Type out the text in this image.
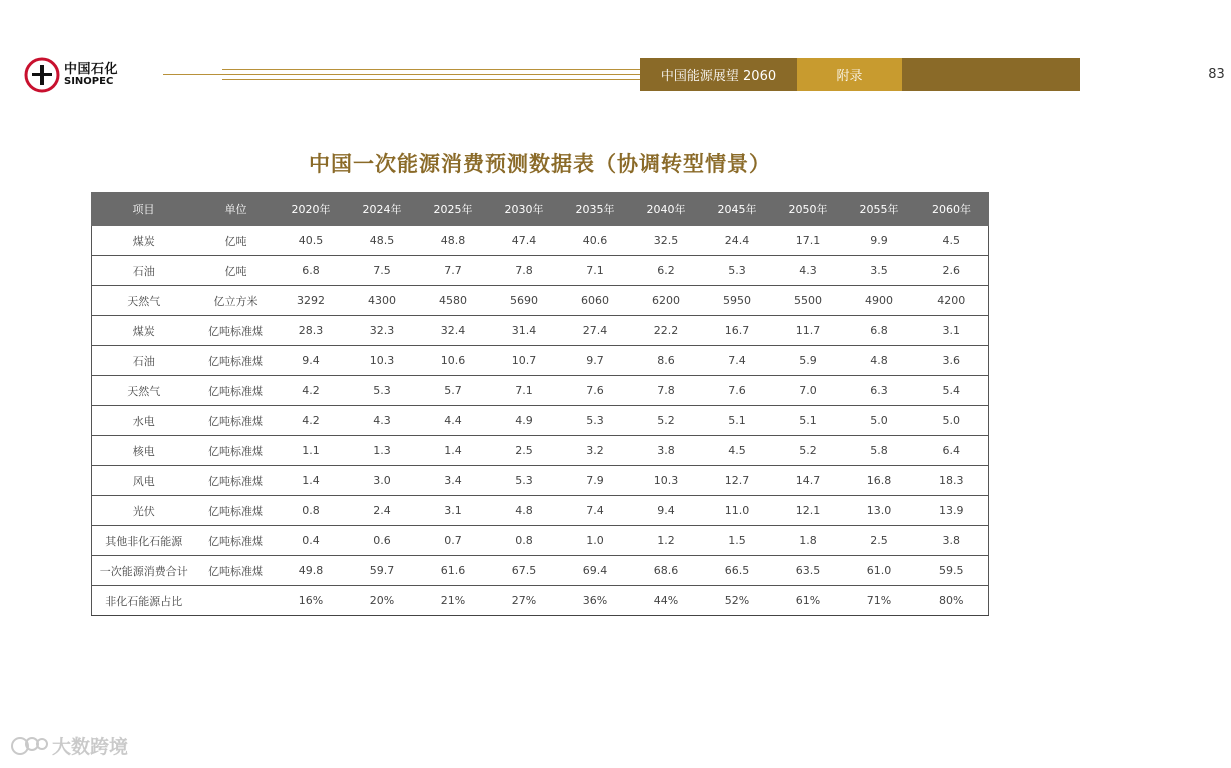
中国石化
SINOPEC	中国能源展望 2060	附录	83
中国一次能源消费预测数据表（协调转型情景）
项目	单位	2020年	2024年	2025年	2030年	2035年	2040年	2045年	2050年	2055年	2060年
煤炭	亿吨	40.5	48.5	48.8	47.4	40.6	32.5	24.4	17.1	9.9	4.5
石油	亿吨	6.8	7.5	7.7	7.8	7.1	6.2	5.3	4.3	3.5	2.6
天然气	亿立方米	3292	4300	4580	5690	6060	6200	5950	5500	4900	4200
煤炭	亿吨标准煤	28.3	32.3	32.4	31.4	27.4	22.2	16.7	11.7	6.8	3.1
石油	亿吨标准煤	9.4	10.3	10.6	10.7	9.7	8.6	7.4	5.9	4.8	3.6
天然气	亿吨标准煤	4.2	5.3	5.7	7.1	7.6	7.8	7.6	7.0	6.3	5.4
水电	亿吨标准煤	4.2	4.3	4.4	4.9	5.3	5.2	5.1	5.1	5.0	5.0
核电	亿吨标准煤	1.1	1.3	1.4	2.5	3.2	3.8	4.5	5.2	5.8	6.4
风电	亿吨标准煤	1.4	3.0	3.4	5.3	7.9	10.3	12.7	14.7	16.8	18.3
光伏	亿吨标准煤	0.8	2.4	3.1	4.8	7.4	9.4	11.0	12.1	13.0	13.9
其他非化石能源	亿吨标准煤	0.4	0.6	0.7	0.8	1.0	1.2	1.5	1.8	2.5	3.8
一次能源消费合计	亿吨标准煤	49.8	59.7	61.6	67.5	69.4	68.6	66.5	63.5	61.0	59.5
非化石能源占比		16%	20%	21%	27%	36%	44%	52%	61%	71%	80%
大数跨境
